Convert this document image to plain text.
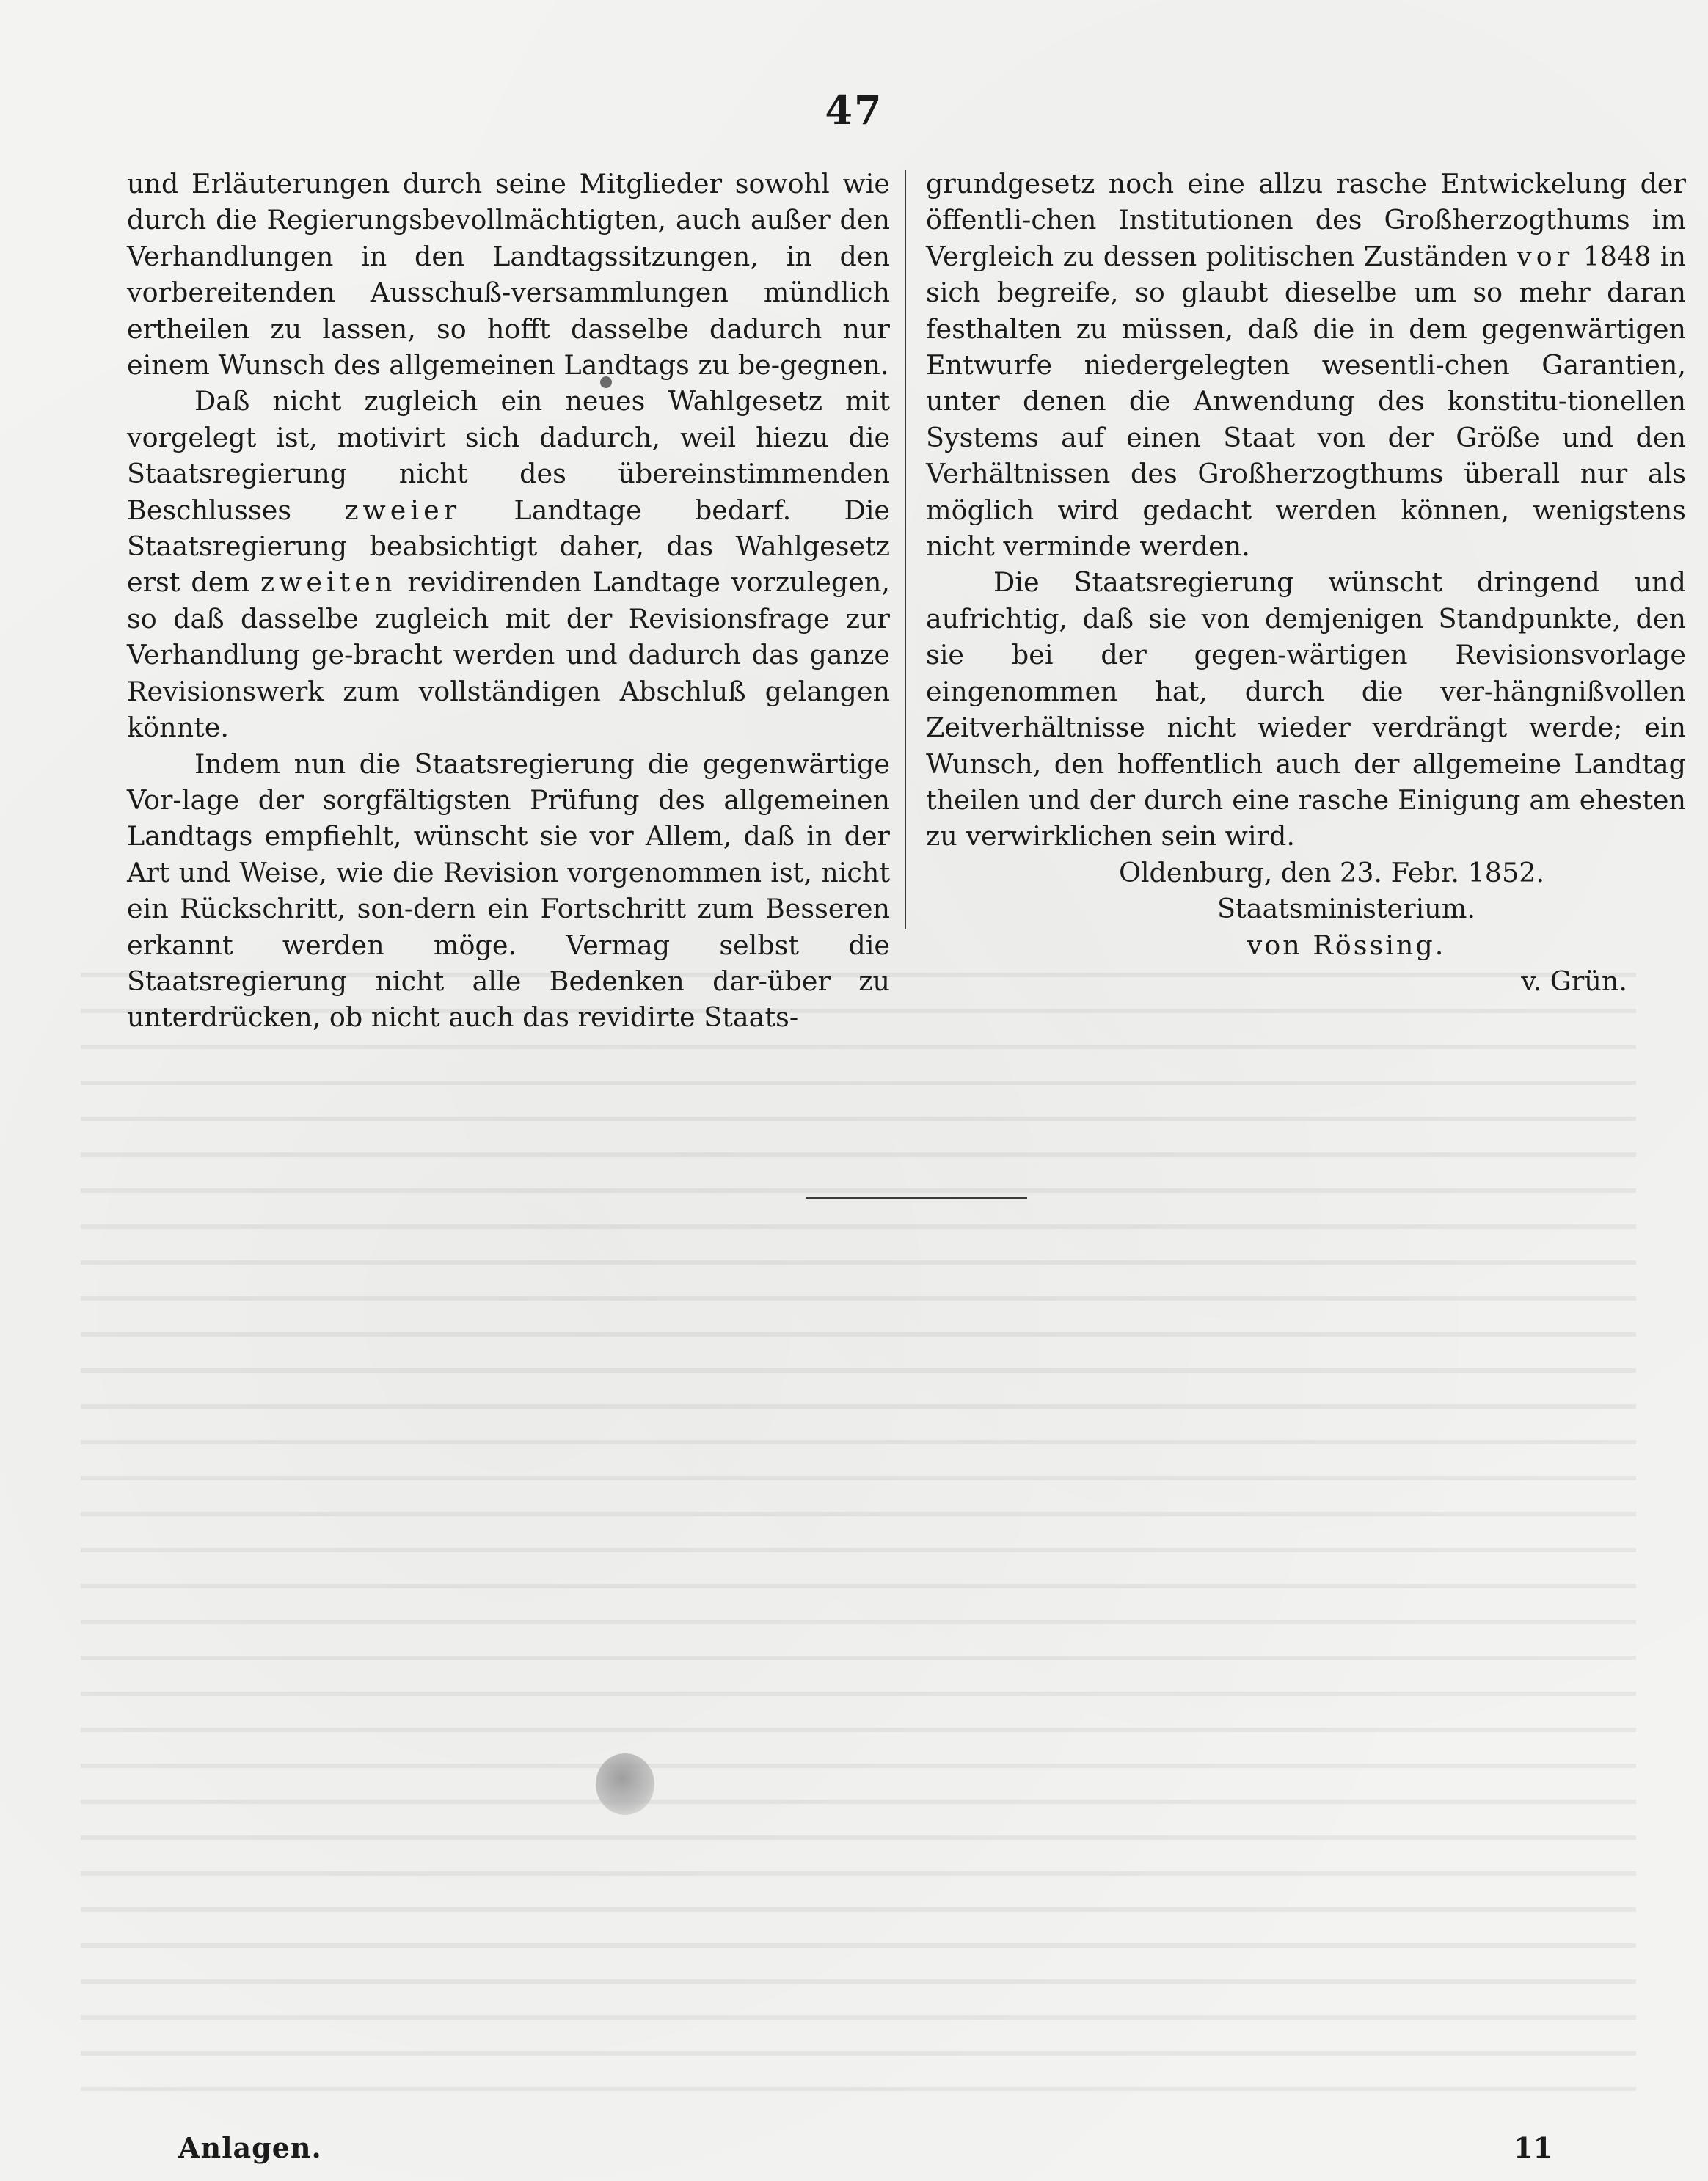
47

und Erläuterungen durch seine Mitglieder sowohl wie durch die Regierungsbevollmächtigten, auch außer den Verhandlungen in den Landtagssitzungen, in den vorbereitenden Ausschuß-versammlungen mündlich ertheilen zu lassen, so hofft dasselbe dadurch nur einem Wunsch des allgemeinen Landtags zu be-gegnen.

Daß nicht zugleich ein neues Wahlgesetz mit vorgelegt ist, motivirt sich dadurch, weil hiezu die Staatsregierung nicht des übereinstimmenden Beschlusses zweier Landtage bedarf. Die Staatsregierung beabsichtigt daher, das Wahlgesetz erst dem zweiten revidirenden Landtage vorzulegen, so daß dasselbe zugleich mit der Revisionsfrage zur Verhandlung ge-bracht werden und dadurch das ganze Revisionswerk zum vollständigen Abschluß gelangen könnte.

Indem nun die Staatsregierung die gegenwärtige Vor-lage der sorgfältigsten Prüfung des allgemeinen Landtags empfiehlt, wünscht sie vor Allem, daß in der Art und Weise, wie die Revision vorgenommen ist, nicht ein Rückschritt, son-dern ein Fortschritt zum Besseren erkannt werden möge. Vermag selbst die Staatsregierung nicht alle Bedenken dar-über zu unterdrücken, ob nicht auch das revidirte Staats-

grundgesetz noch eine allzu rasche Entwickelung der öffentli-chen Institutionen des Großherzogthums im Vergleich zu dessen politischen Zuständen vor 1848 in sich begreife, so glaubt dieselbe um so mehr daran festhalten zu müssen, daß die in dem gegenwärtigen Entwurfe niedergelegten wesentli-chen Garantien, unter denen die Anwendung des konstitu-tionellen Systems auf einen Staat von der Größe und den Verhältnissen des Großherzogthums überall nur als möglich wird gedacht werden können, wenigstens nicht verminde werden.

Die Staatsregierung wünscht dringend und aufrichtig, daß sie von demjenigen Standpunkte, den sie bei der gegen-wärtigen Revisionsvorlage eingenommen hat, durch die ver-hängnißvollen Zeitverhältnisse nicht wieder verdrängt werde; ein Wunsch, den hoffentlich auch der allgemeine Landtag theilen und der durch eine rasche Einigung am ehesten zu verwirklichen sein wird.

Oldenburg, den 23. Febr. 1852.

Staatsministerium.

von Rössing.

v. Grün.

Anlagen.	11
